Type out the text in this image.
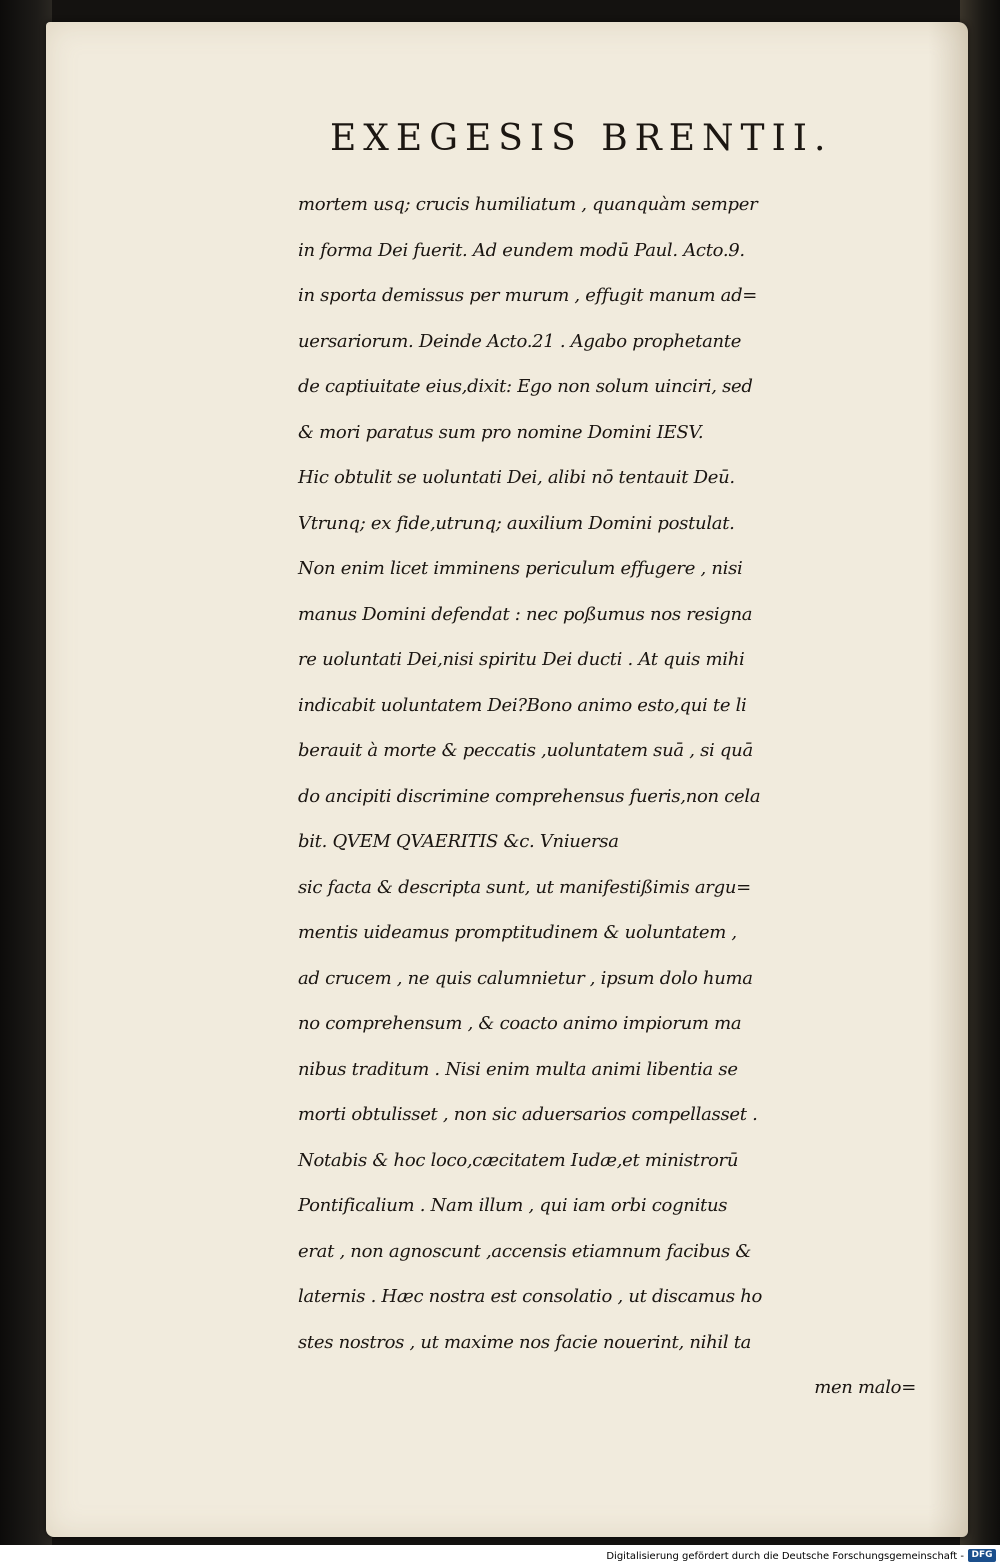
EXEGESIS BRENTII.
mortem usq; crucis humiliatum , quanquàm semper
in forma Dei fuerit. Ad eundem modū Paul. Acto.9.
in sporta demissus per murum , effugit manum ad=
uersariorum. Deinde Acto.21 . Agabo prophetante
de captiuitate eius,dixit: Ego non solum uinciri, sed
& mori paratus sum pro nomine Domini IESV.
Hic obtulit se uoluntati Dei, alibi nō tentauit Deū.
Vtrunq; ex fide,utrunq; auxilium Domini postulat.
Non enim licet imminens periculum effugere , nisi
manus Domini defendat : nec poßumus nos resigna
re uoluntati Dei,nisi spiritu Dei ducti . At quis mihi
indicabit uoluntatem Dei?Bono animo esto,qui te li
berauit à morte & peccatis ,uoluntatem suā , si quā
do ancipiti discrimine comprehensus fueris,non cela
bit. QVEM QVAERITIS &c. Vniuersa
sic facta & descripta sunt, ut manifestißimis argu=
mentis uideamus promptitudinem & uoluntatem ,
ad crucem , ne quis calumnietur , ipsum dolo huma
no comprehensum , & coacto animo impiorum ma
nibus traditum . Nisi enim multa animi libentia se
morti obtulisset , non sic aduersarios compellasset .
Notabis & hoc loco,cæcitatem Iudæ,et ministrorū
Pontificalium . Nam illum , qui iam orbi cognitus
erat , non agnoscunt ,accensis etiamnum facibus &
laternis . Hæc nostra est consolatio , ut discamus ho
stes nostros , ut maxime nos facie nouerint, nihil ta
men malo=
Digitalisierung gefördert durch die Deutsche Forschungsgemeinschaft - DFG
